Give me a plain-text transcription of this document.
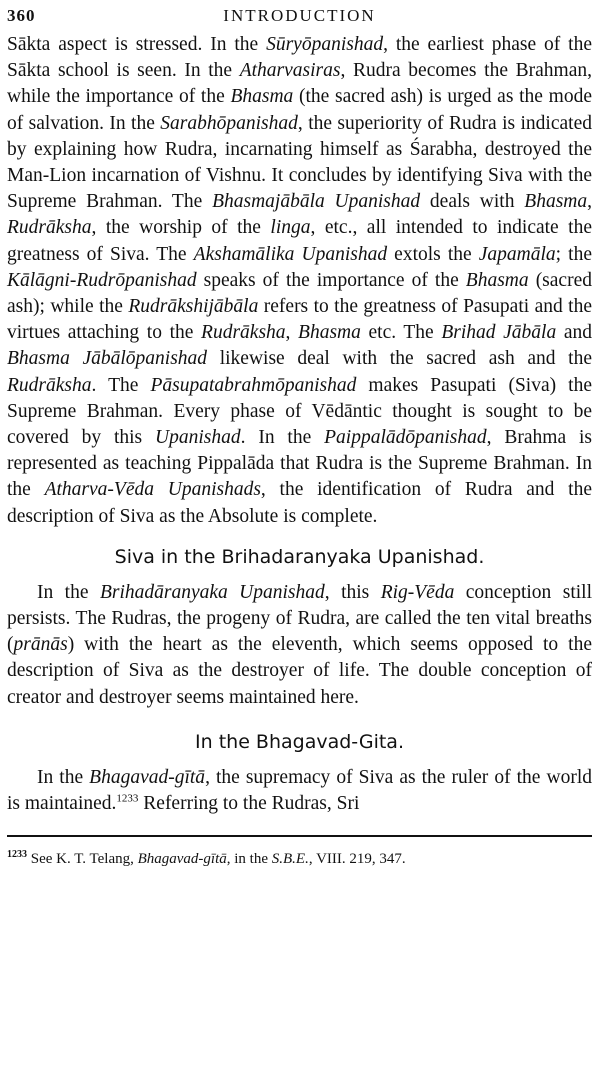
360	INTRODUCTION

Sākta aspect is stressed. In the Sūryōpanishad, the earliest phase of the Sākta school is seen. In the Atharvasiras, Rudra becomes the Brahman, while the importance of the Bhasma (the sacred ash) is urged as the mode of salvation. In the Sarabhōpanishad, the superiority of Rudra is indicated by explaining how Rudra, incarnating himself as Śarabha, destroyed the Man-Lion incarnation of Vishnu. It concludes by identifying Siva with the Supreme Brahman. The Bhasmajābāla Upanishad deals with Bhasma, Rudrāksha, the worship of the linga, etc., all intended to indicate the greatness of Siva. The Akshamālika Upanishad extols the Japamāla; the Kālāgni-Rudrōpanishad speaks of the importance of the Bhasma (sacred ash); while the Rudrākshijābāla refers to the greatness of Pasupati and the virtues attaching to the Rudrāksha, Bhasma etc. The Brihad Jābāla and Bhasma Jābālōpanishad likewise deal with the sacred ash and the Rudrāksha. The Pāsupatabrahmōpanishad makes Pasupati (Siva) the Supreme Brahman. Every phase of Vēdāntic thought is sought to be covered by this Upanishad. In the Paippalādōpanishad, Brahma is represented as teaching Pippalāda that Rudra is the Supreme Brahman. In the Atharva-Vēda Upanishads, the identification of Rudra and the description of Siva as the Absolute is complete.

Siva in the Brihadaranyaka Upanishad.

In the Brihadāranyaka Upanishad, this Rig-Vēda conception still persists. The Rudras, the progeny of Rudra, are called the ten vital breaths (prānās) with the heart as the eleventh, which seems opposed to the description of Siva as the destroyer of life. The double conception of creator and destroyer seems maintained here.

In the Bhagavad-Gita.

In the Bhagavad-gītā, the supremacy of Siva as the ruler of the world is maintained.$^{1233}$ Referring to the Rudras, Sri

$^{1233}$ See K. T. Telang, Bhagavad-gītā, in the S.B.E., VIII. 219, 347.
